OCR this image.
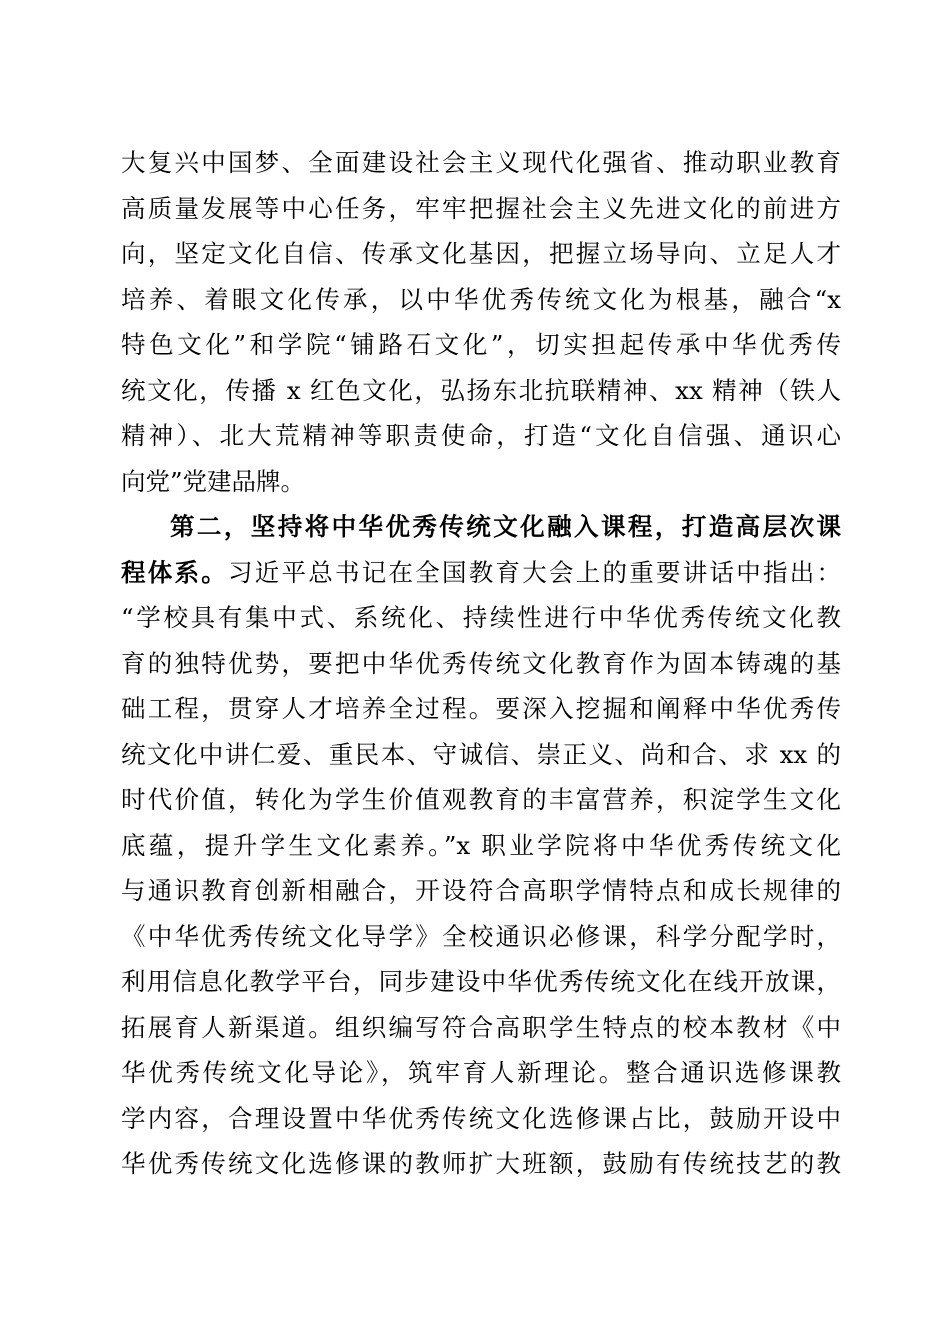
大复兴中国梦、全面建设社会主义现代化强省、推动职业教育
高质量发展等中心任务，牢牢把握社会主义先进文化的前进方
向，坚定文化自信、传承文化基因，把握立场导向、立足人才
培养、着眼文化传承，以中华优秀传统文化为根基，融合“x
特色文化”和学院“铺路石文化”，切实担起传承中华优秀传
统文化，传播 x 红色文化，弘扬东北抗联精神、xx 精神（铁人
精神）、北大荒精神等职责使命，打造“文化自信强、通识心
向党”党建品牌。
第二，坚持将中华优秀传统文化融入课程，打造高层次课
程体系。习近平总书记在全国教育大会上的重要讲话中指出：
“学校具有集中式、系统化、持续性进行中华优秀传统文化教
育的独特优势，要把中华优秀传统文化教育作为固本铸魂的基
础工程，贯穿人才培养全过程。要深入挖掘和阐释中华优秀传
统文化中讲仁爱、重民本、守诚信、崇正义、尚和合、求 xx 的
时代价值，转化为学生价值观教育的丰富营养，积淀学生文化
底蕴，提升学生文化素养。”x 职业学院将中华优秀传统文化
与通识教育创新相融合，开设符合高职学情特点和成长规律的
《中华优秀传统文化导学》全校通识必修课，科学分配学时，
利用信息化教学平台，同步建设中华优秀传统文化在线开放课，
拓展育人新渠道。组织编写符合高职学生特点的校本教材《中
华优秀传统文化导论》，筑牢育人新理论。整合通识选修课教
学内容，合理设置中华优秀传统文化选修课占比，鼓励开设中
华优秀传统文化选修课的教师扩大班额，鼓励有传统技艺的教
